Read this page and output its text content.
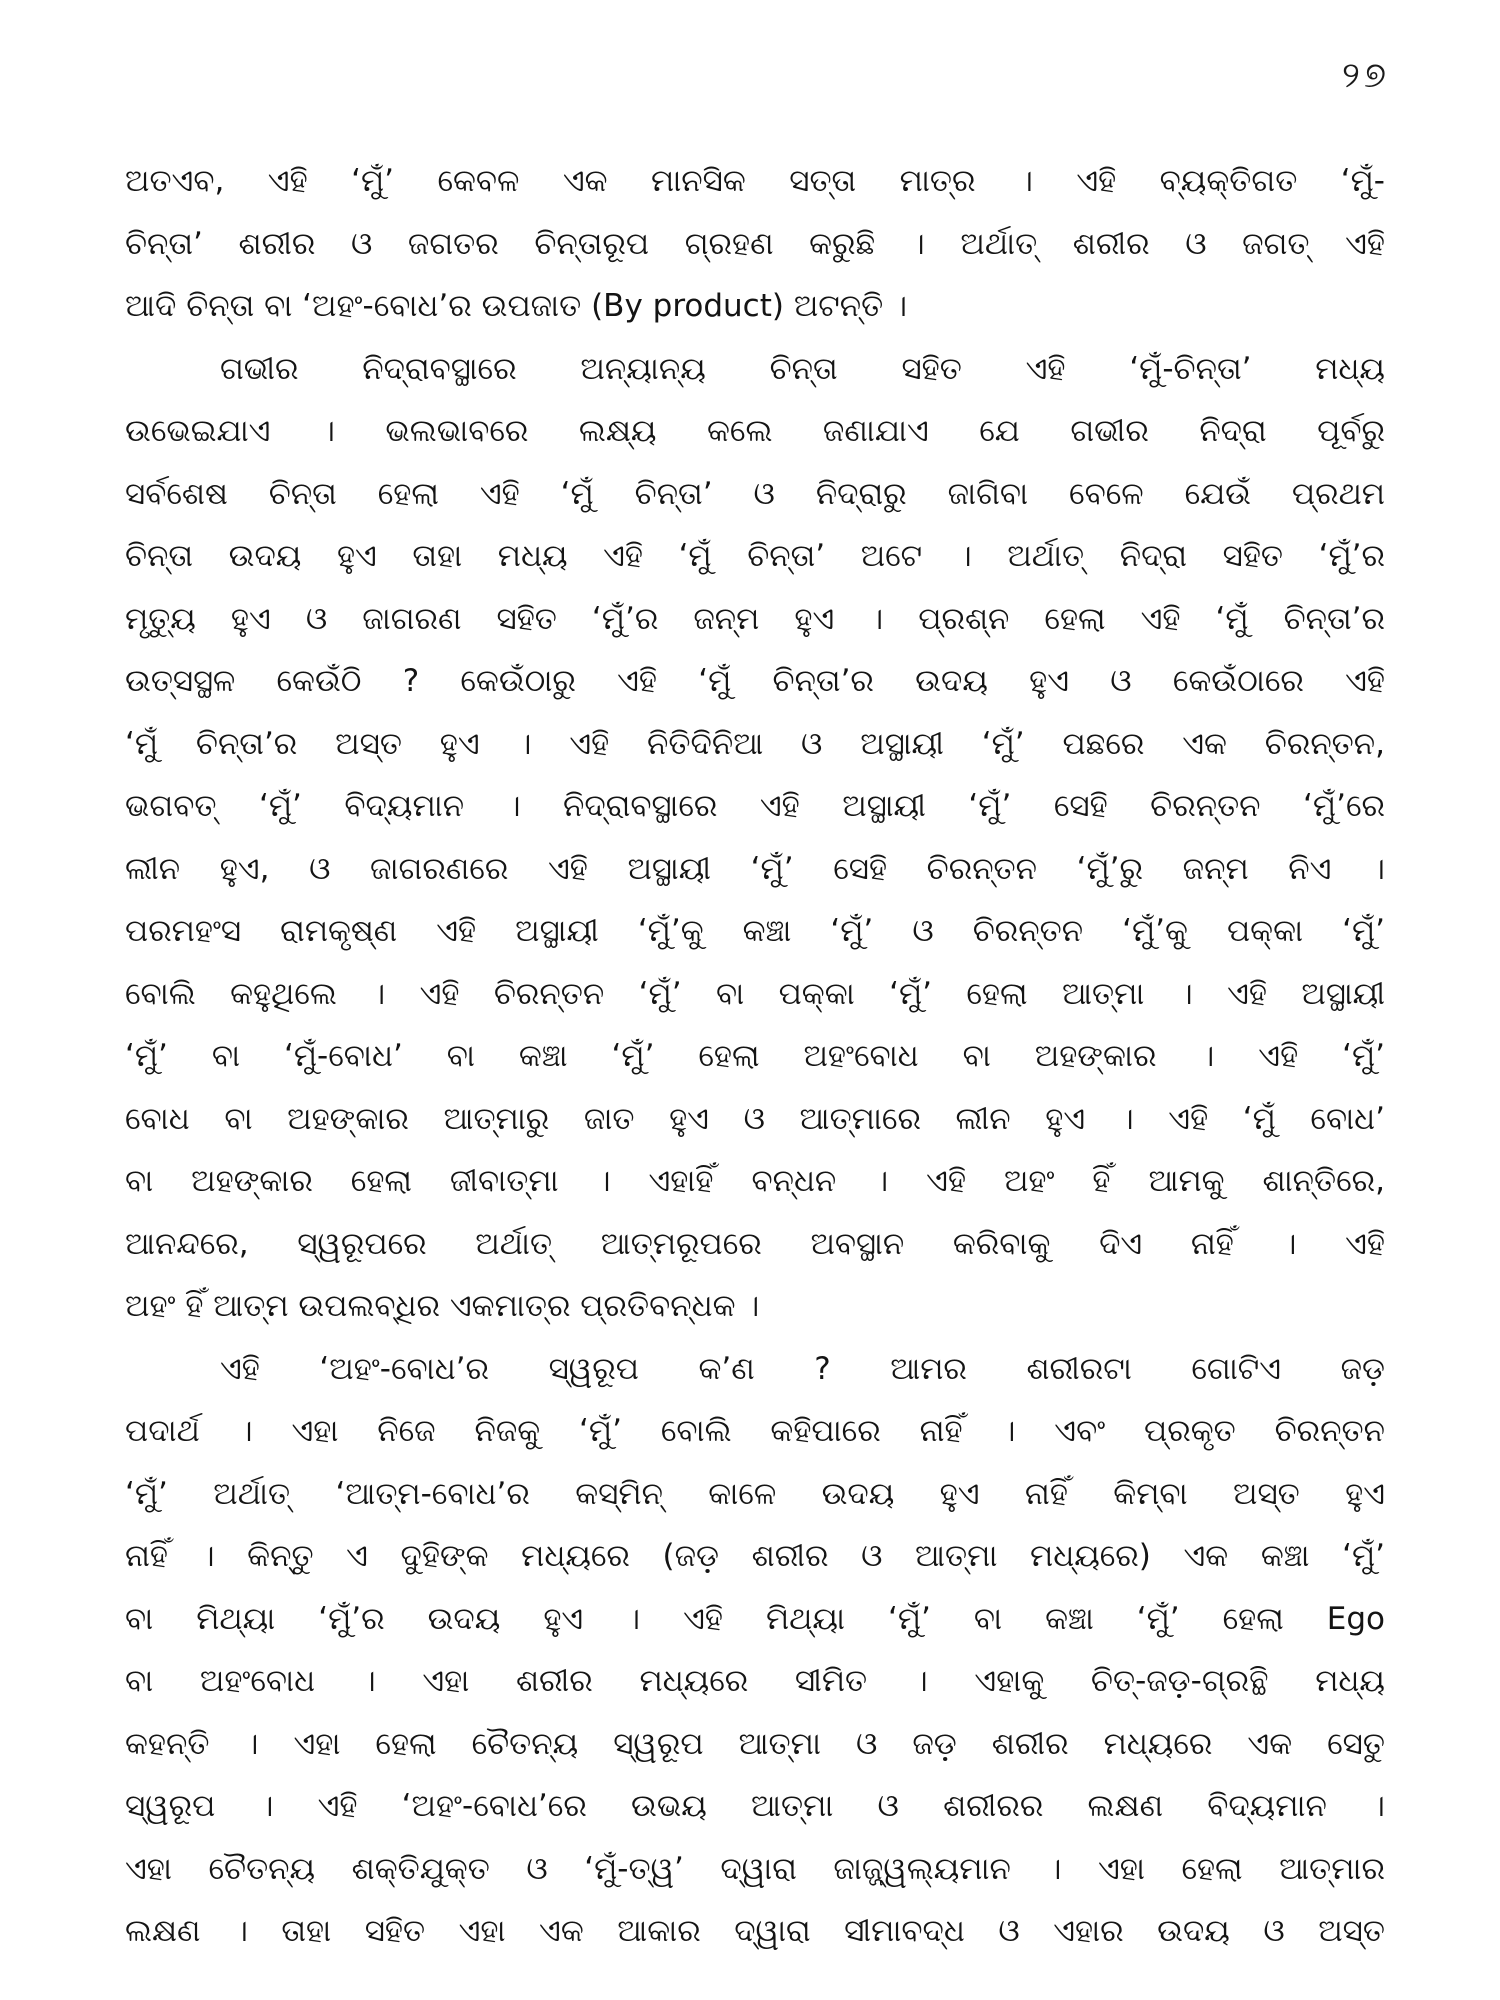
୨୭
ଅତଏବ, ଏହି ‘ମୁଁ’ କେବଳ ଏକ ମାନସିକ ସତ୍ତା ମାତ୍ର । ଏହି ବ୍ୟକ୍ତିଗତ ‘ମୁଁ-
ଚିନ୍ତା’ ଶରୀର ଓ ଜଗତର ଚିନ୍ତାରୂପ ଗ୍ରହଣ କରୁଛି । ଅର୍ଥାତ୍ ଶରୀର ଓ ଜଗତ୍ ଏହି
ଆଦି ଚିନ୍ତା ବା ‘ଅହଂ-ବୋଧ’ର ଉପଜାତ (By product) ଅଟନ୍ତି ।
ଗଭୀର ନିଦ୍ରାବସ୍ଥାରେ ଅନ୍ୟାନ୍ୟ ଚିନ୍ତା ସହିତ ଏହି ‘ମୁଁ-ଚିନ୍ତା’ ମଧ୍ୟ
ଉଭେଇଯାଏ । ଭଲଭାବରେ ଲକ୍ଷ୍ୟ କଲେ ଜଣାଯାଏ ଯେ ଗଭୀର ନିଦ୍ରା ପୂର୍ବରୁ
ସର୍ବଶେଷ ଚିନ୍ତା ହେଲା ଏହି ‘ମୁଁ ଚିନ୍ତା’ ଓ ନିଦ୍ରାରୁ ଜାଗିବା ବେଳେ ଯେଉଁ ପ୍ରଥମ
ଚିନ୍ତା ଉଦୟ ହୁଏ ତାହା ମଧ୍ୟ ଏହି ‘ମୁଁ ଚିନ୍ତା’ ଅଟେ । ଅର୍ଥାତ୍ ନିଦ୍ରା ସହିତ ‘ମୁଁ’ର
ମୃତ୍ୟୁ ହୁଏ ଓ ଜାଗରଣ ସହିତ ‘ମୁଁ’ର ଜନ୍ମ ହୁଏ । ପ୍ରଶ୍ନ ହେଲା ଏହି ‘ମୁଁ ଚିନ୍ତା’ର
ଉତ୍ସସ୍ଥଳ କେଉଁଠି ? କେଉଁଠାରୁ ଏହି ‘ମୁଁ ଚିନ୍ତା’ର ଉଦୟ ହୁଏ ଓ କେଉଁଠାରେ ଏହି
‘ମୁଁ ଚିନ୍ତା’ର ଅସ୍ତ ହୁଏ । ଏହି ନିତିଦିନିଆ ଓ ଅସ୍ଥାୟୀ ‘ମୁଁ’ ପଛରେ ଏକ ଚିରନ୍ତନ,
ଭଗବତ୍ ‘ମୁଁ’ ବିଦ୍ୟମାନ । ନିଦ୍ରାବସ୍ଥାରେ ଏହି ଅସ୍ଥାୟୀ ‘ମୁଁ’ ସେହି ଚିରନ୍ତନ ‘ମୁଁ’ରେ
ଲୀନ ହୁଏ, ଓ ଜାଗରଣରେ ଏହି ଅସ୍ଥାୟୀ ‘ମୁଁ’ ସେହି ଚିରନ୍ତନ ‘ମୁଁ’ରୁ ଜନ୍ମ ନିଏ ।
ପରମହଂସ ରାମକୃଷ୍ଣ ଏହି ଅସ୍ଥାୟୀ ‘ମୁଁ’କୁ କଞ୍ଚା ‘ମୁଁ’ ଓ ଚିରନ୍ତନ ‘ମୁଁ’କୁ ପକ୍କା ‘ମୁଁ’
ବୋଲି କହୁଥିଲେ । ଏହି ଚିରନ୍ତନ ‘ମୁଁ’ ବା ପକ୍କା ‘ମୁଁ’ ହେଲା ଆତ୍ମା । ଏହି ଅସ୍ଥାୟୀ
‘ମୁଁ’ ବା ‘ମୁଁ-ବୋଧ’ ବା କଞ୍ଚା ‘ମୁଁ’ ହେଲା ଅହଂବୋଧ ବା ଅହଙ୍କାର । ଏହି ‘ମୁଁ’
ବୋଧ ବା ଅହଙ୍କାର ଆତ୍ମାରୁ ଜାତ ହୁଏ ଓ ଆତ୍ମାରେ ଲୀନ ହୁଏ । ଏହି ‘ମୁଁ ବୋଧ’
ବା ଅହଙ୍କାର ହେଲା ଜୀବାତ୍ମା । ଏହାହିଁ ବନ୍ଧନ । ଏହି ଅହଂ ହିଁ ଆମକୁ ଶାନ୍ତିରେ,
ଆନନ୍ଦରେ, ସ୍ୱରୂପରେ ଅର୍ଥାତ୍ ଆତ୍ମରୂପରେ ଅବସ୍ଥାନ କରିବାକୁ ଦିଏ ନାହିଁ । ଏହି
ଅହଂ ହିଁ ଆତ୍ମ ଉପଲବ୍ଧିର ଏକମାତ୍ର ପ୍ରତିବନ୍ଧକ ।
ଏହି ‘ଅହଂ-ବୋଧ’ର ସ୍ୱରୂପ କ’ଣ ? ଆମର ଶରୀରଟା ଗୋଟିଏ ଜଡ଼
ପଦାର୍ଥ । ଏହା ନିଜେ ନିଜକୁ ‘ମୁଁ’ ବୋଲି କହିପାରେ ନାହିଁ । ଏବଂ ପ୍ରକୃତ ଚିରନ୍ତନ
‘ମୁଁ’ ଅର୍ଥାତ୍ ‘ଆତ୍ମ-ବୋଧ’ର କସ୍ମିନ୍ କାଳେ ଉଦୟ ହୁଏ ନାହିଁ କିମ୍ବା ଅସ୍ତ ହୁଏ
ନାହିଁ । କିନ୍ତୁ ଏ ଦୁହିଙ୍କ ମଧ୍ୟରେ (ଜଡ଼ ଶରୀର ଓ ଆତ୍ମା ମଧ୍ୟରେ) ଏକ କଞ୍ଚା ‘ମୁଁ’
ବା ମିଥ୍ୟା ‘ମୁଁ’ର ଉଦୟ ହୁଏ । ଏହି ମିଥ୍ୟା ‘ମୁଁ’ ବା କଞ୍ଚା ‘ମୁଁ’ ହେଲା Ego
ବା ଅହଂବୋଧ । ଏହା ଶରୀର ମଧ୍ୟରେ ସୀମିତ । ଏହାକୁ ଚିତ୍-ଜଡ଼-ଗ୍ରନ୍ଥି ମଧ୍ୟ
କହନ୍ତି । ଏହା ହେଲା ଚୈତନ୍ୟ ସ୍ୱରୂପ ଆତ୍ମା ଓ ଜଡ଼ ଶରୀର ମଧ୍ୟରେ ଏକ ସେତୁ
ସ୍ୱରୂପ । ଏହି ‘ଅହଂ-ବୋଧ’ରେ ଉଭୟ ଆତ୍ମା ଓ ଶରୀରର ଲକ୍ଷଣ ବିଦ୍ୟମାନ ।
ଏହା ଚୈତନ୍ୟ ଶକ୍ତିଯୁକ୍ତ ଓ ‘ମୁଁ-ତ୍ୱ’ ଦ୍ୱାରା ଜାଜ୍ଜ୍ୱଲ୍ୟମାନ । ଏହା ହେଲା ଆତ୍ମାର
ଲକ୍ଷଣ । ତାହା ସହିତ ଏହା ଏକ ଆକାର ଦ୍ୱାରା ସୀମାବଦ୍ଧ ଓ ଏହାର ଉଦୟ ଓ ଅସ୍ତ
